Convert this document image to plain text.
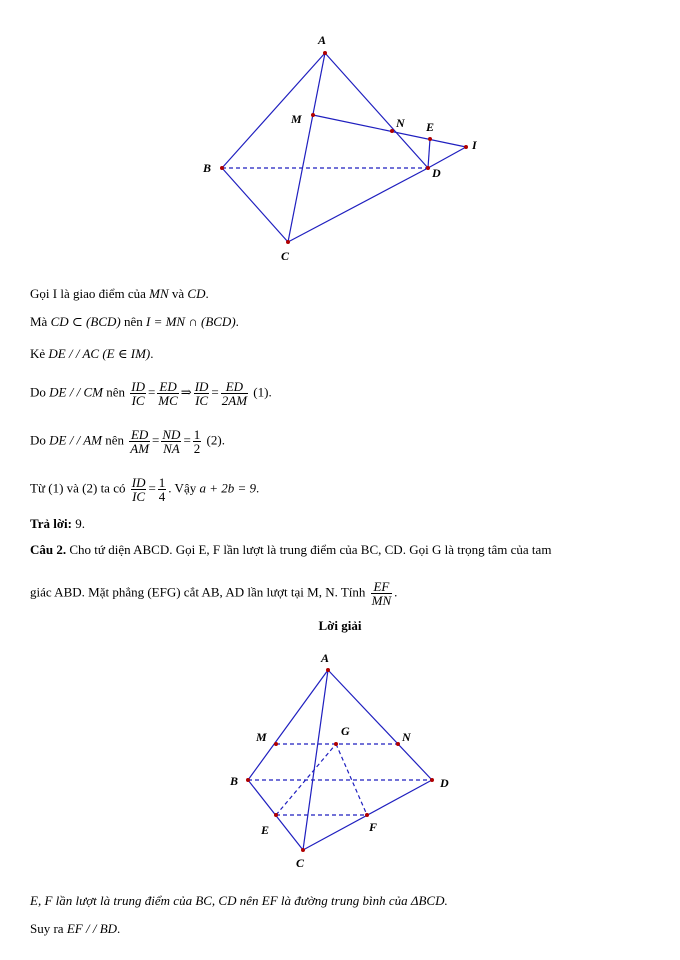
A
M	N E
I
B	D
C
Gọi I là giao điểm của MN và CD.
Mà CD ⊂ (BCD) nên I = MN ∩ (BCD).
Kẻ DE / / AC (E ∈ IM).
Do DE / / CM nên $\frac{ID}{IC} = \frac{ED}{MC}$ ⇒ $\frac{ID}{IC} = \frac{ED}{2AM} (1)$.
Do DE / / AM nên $\frac{ED}{AM} = \frac{ND}{NA} = \frac{1}{2} (2)$.
Từ (1) và (2) ta có $\frac{ID}{IC} = \frac{1}{4}$ . Vậy a + 2b = 9.
Trả lời: 9.
Câu 2. Cho tứ diện ABCD. Gọi E, F lần lượt là trung điểm của BC, CD. Gọi G là trọng tâm của tam
giác ABD. Mặt phẳng (EFG) cắt AB, AD lần lượt tại M, N. Tính $\frac{EF}{MN}$ .
Lời giải
A
M	G	N
B	D
E	F
C
E, F lần lượt là trung điểm của BC, CD nên EF là đường trung bình của ΔBCD.
Suy ra EF / / BD.
